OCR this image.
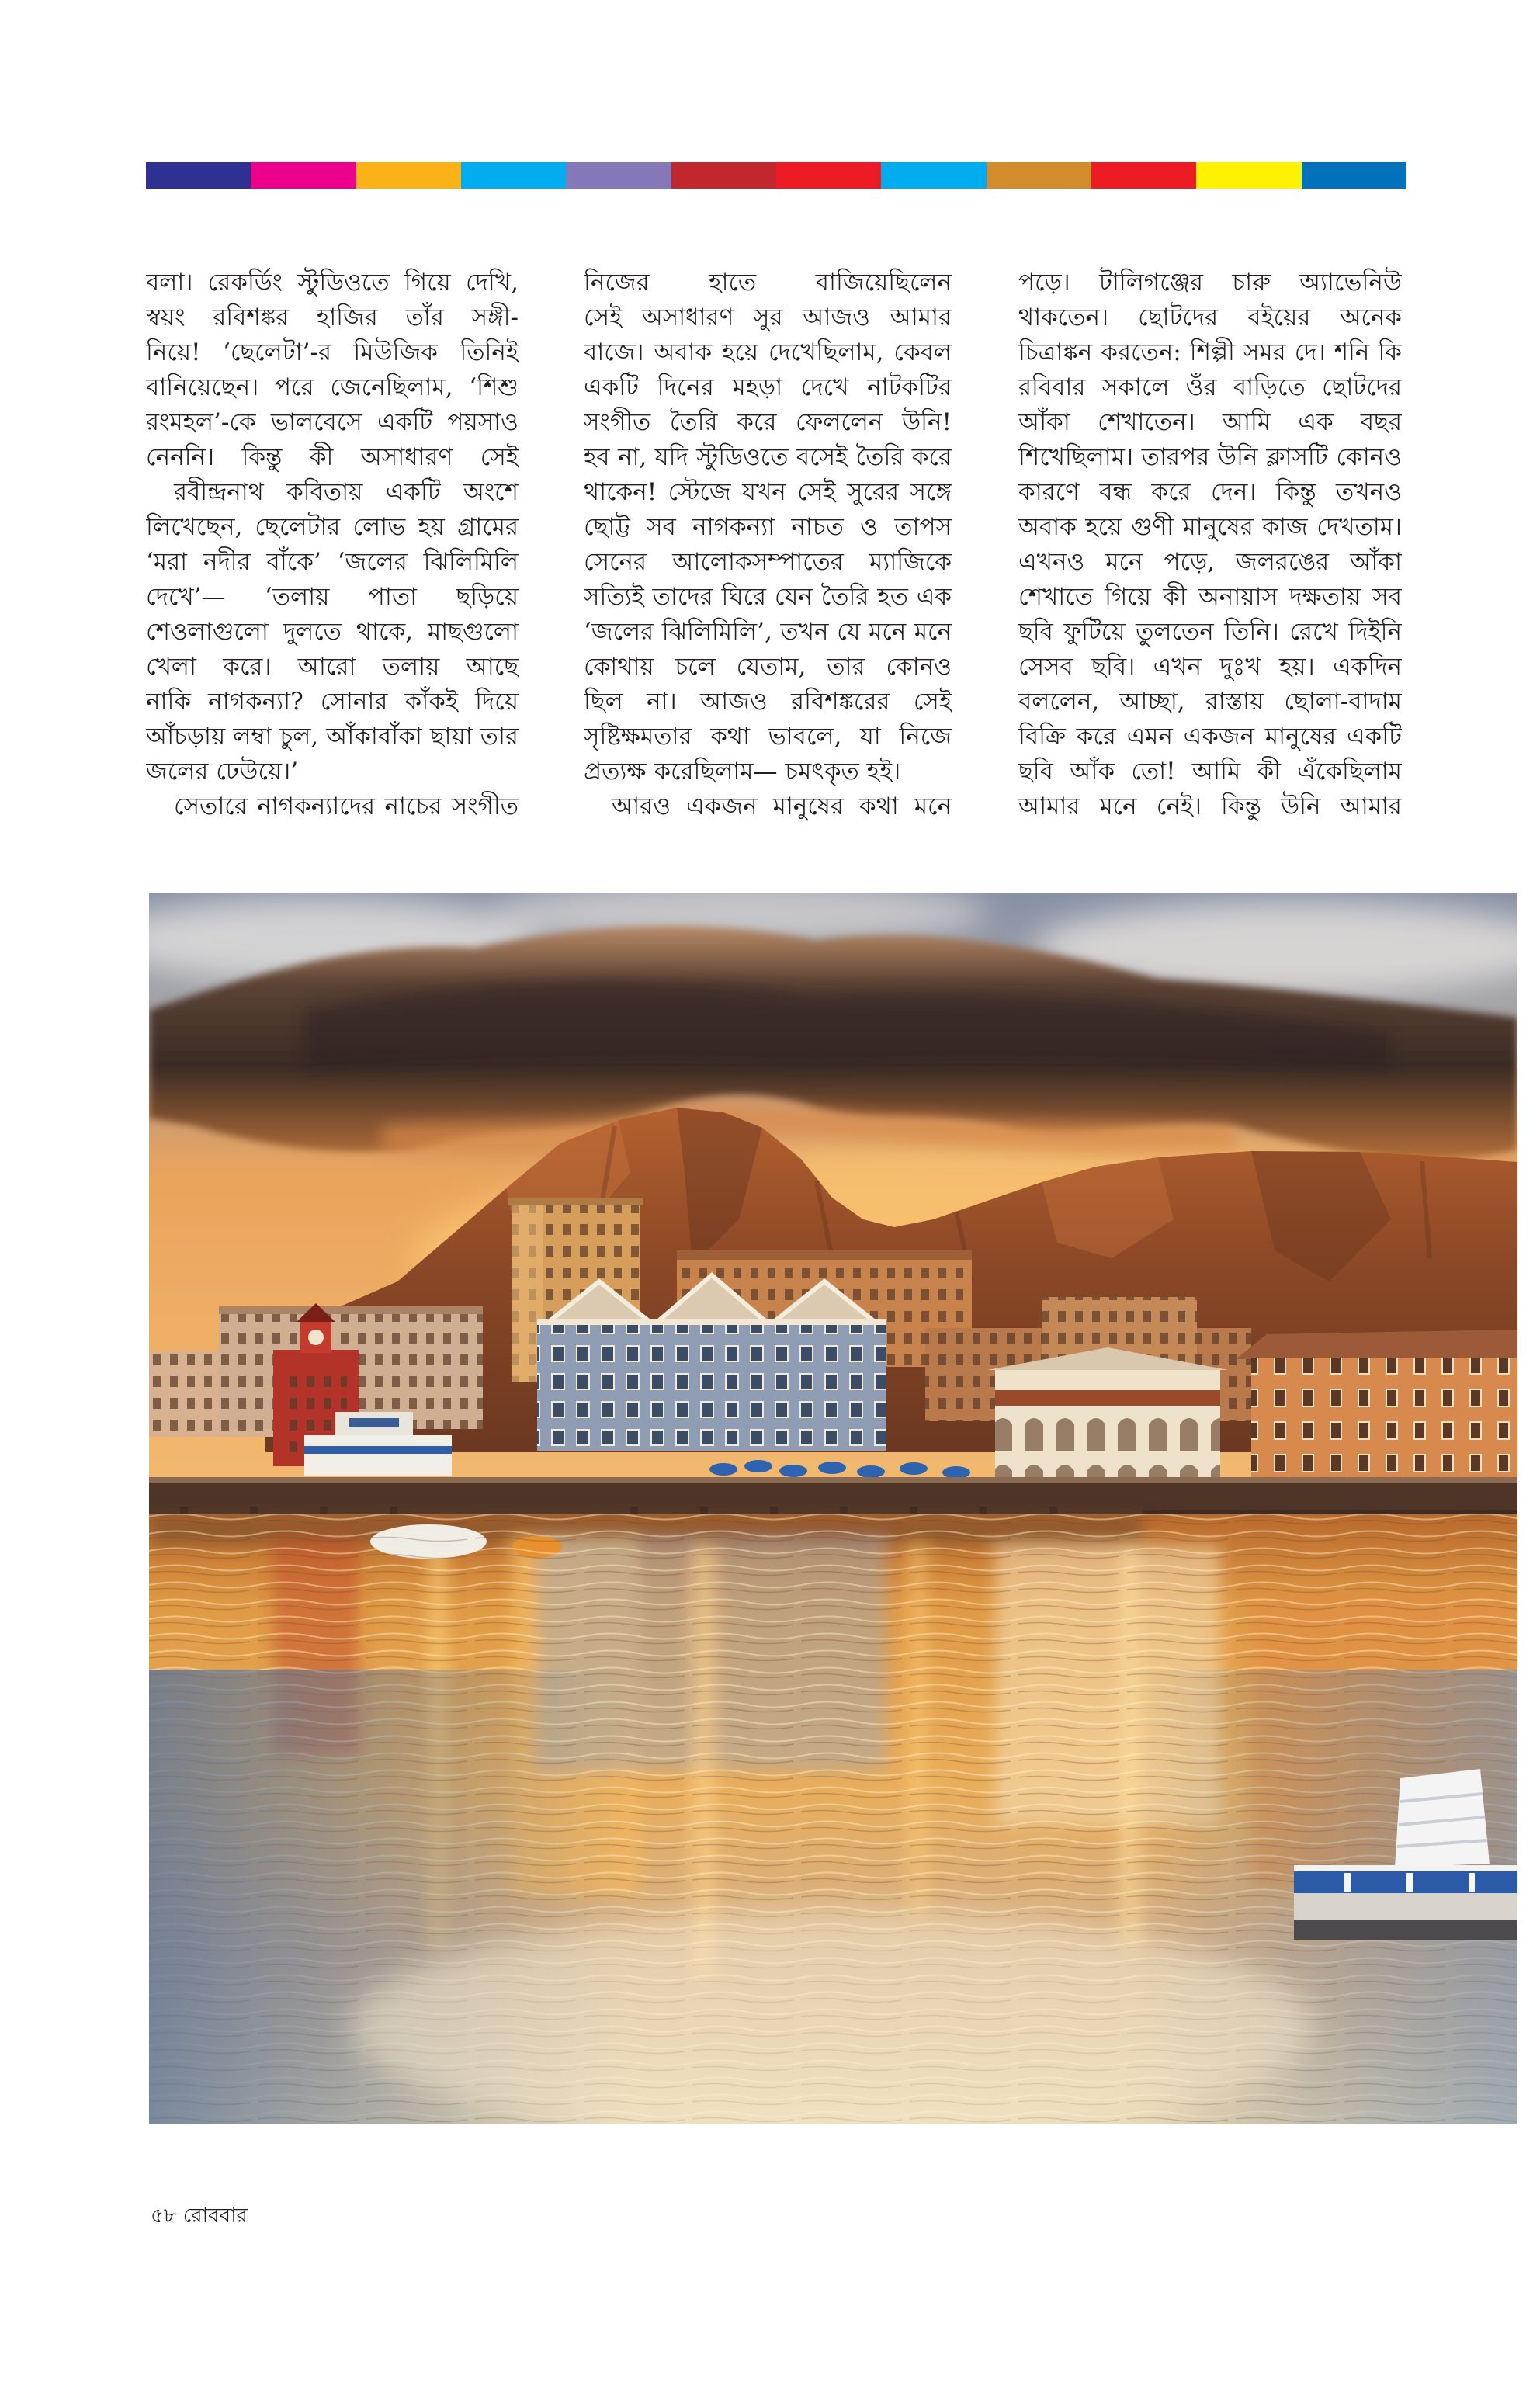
বলা। রেকর্ডিং স্টুডিওতে গিয়ে দেখি,
স্বয়ং রবিশঙ্কর হাজির তাঁর সঙ্গী-
নিয়ে! ‘ছেলেটা’-র মিউজিক তিনিই
বানিয়েছেন। পরে জেনেছিলাম, ‘শিশু
রংমহল’-কে ভালবেসে একটি পয়সাও
নেননি। কিন্তু কী অসাধারণ সেই
রবীন্দ্রনাথ কবিতায় একটি অংশে
লিখেছেন, ছেলেটার লোভ হয় গ্রামের
‘মরা নদীর বাঁকে’ ‘জলের ঝিলিমিলি
দেখে’— ‘তলায় পাতা ছড়িয়ে
শেওলাগুলো দুলতে থাকে, মাছগুলো
খেলা করে। আরো তলায় আছে
নাকি নাগকন্যা? সোনার কাঁকই দিয়ে
আঁচড়ায় লম্বা চুল, আঁকাবাঁকা ছায়া তার
জলের ঢেউয়ে।’
সেতারে নাগকন্যাদের নাচের সংগীত
নিজের হাতে বাজিয়েছিলেন
সেই অসাধারণ সুর আজও আমার
বাজে। অবাক হয়ে দেখেছিলাম, কেবল
একটি দিনের মহড়া দেখে নাটকটির
সংগীত তৈরি করে ফেললেন উনি!
হব না, যদি স্টুডিওতে বসেই তৈরি করে
থাকেন! স্টেজে যখন সেই সুরের সঙ্গে
ছোট্ট সব নাগকন্যা নাচত ও তাপস
সেনের আলোকসম্পাতের ম্যাজিকে
সত্যিই তাদের ঘিরে যেন তৈরি হত এক
‘জলের ঝিলিমিলি’, তখন যে মনে মনে
কোথায় চলে যেতাম, তার কোনও
ছিল না। আজও রবিশঙ্করের সেই
সৃষ্টিক্ষমতার কথা ভাবলে, যা নিজে
প্রত্যক্ষ করেছিলাম— চমৎকৃত হই।
আরও একজন মানুষের কথা মনে
পড়ে। টালিগঞ্জের চারু অ্যাভেনিউ
থাকতেন। ছোটদের বইয়ের অনেক
চিত্রাঙ্কন করতেন: শিল্পী সমর দে। শনি কি
রবিবার সকালে ওঁর বাড়িতে ছোটদের
আঁকা শেখাতেন। আমি এক বছর
শিখেছিলাম। তারপর উনি ক্লাসটি কোনও
কারণে বন্ধ করে দেন। কিন্তু তখনও
অবাক হয়ে গুণী মানুষের কাজ দেখতাম।
এখনও মনে পড়ে, জলরঙের আঁকা
শেখাতে গিয়ে কী অনায়াস দক্ষতায় সব
ছবি ফুটিয়ে তুলতেন তিনি। রেখে দিইনি
সেসব ছবি। এখন দুঃখ হয়। একদিন
বললেন, আচ্ছা, রাস্তায় ছোলা-বাদাম
বিক্রি করে এমন একজন মানুষের একটি
ছবি আঁক তো! আমি কী এঁকেছিলাম
আমার মনে নেই। কিন্তু উনি আমার
৫৮ রোববার
